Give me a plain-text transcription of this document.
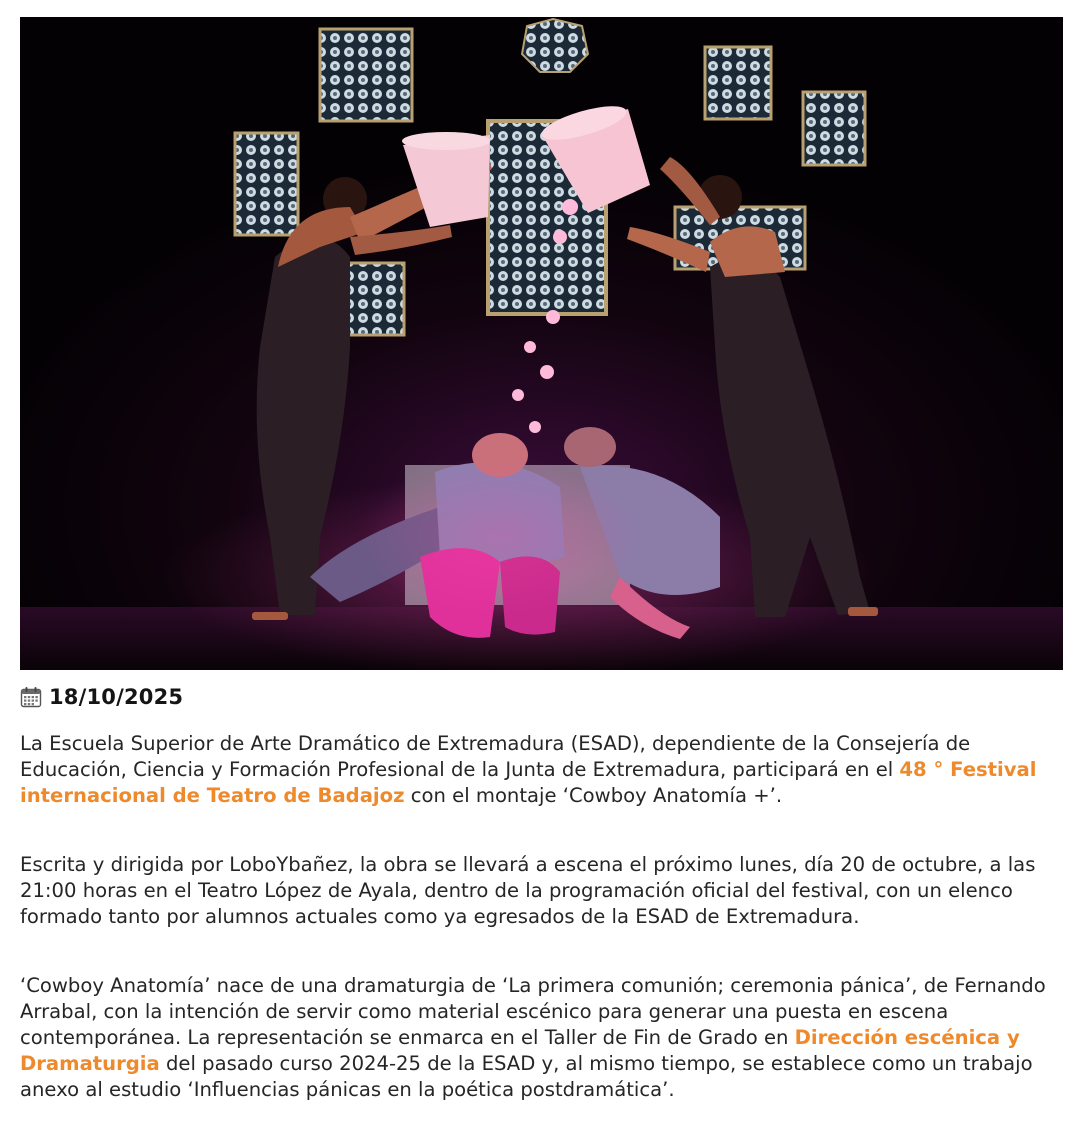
18/10/2025

La Escuela Superior de Arte Dramático de Extremadura (ESAD), dependiente de la Consejería de Educación, Ciencia y Formación Profesional de la Junta de Extremadura, participará en el 48 ° Festival internacional de Teatro de Badajoz con el montaje ‘Cowboy Anatomía +’.

Escrita y dirigida por LoboYbañez, la obra se llevará a escena el próximo lunes, día 20 de octubre, a las 21:00 horas en el Teatro López de Ayala, dentro de la programación oficial del festival, con un elenco formado tanto por alumnos actuales como ya egresados de la ESAD de Extremadura.

‘Cowboy Anatomía’ nace de una dramaturgia de ‘La primera comunión; ceremonia pánica’, de Fernando Arrabal, con la intención de servir como material escénico para generar una puesta en escena contemporánea. La representación se enmarca en el Taller de Fin de Grado en Dirección escénica y Dramaturgia del pasado curso 2024-25 de la ESAD y, al mismo tiempo, se establece como un trabajo anexo al estudio ‘Influencias pánicas en la poética postdramática’.
